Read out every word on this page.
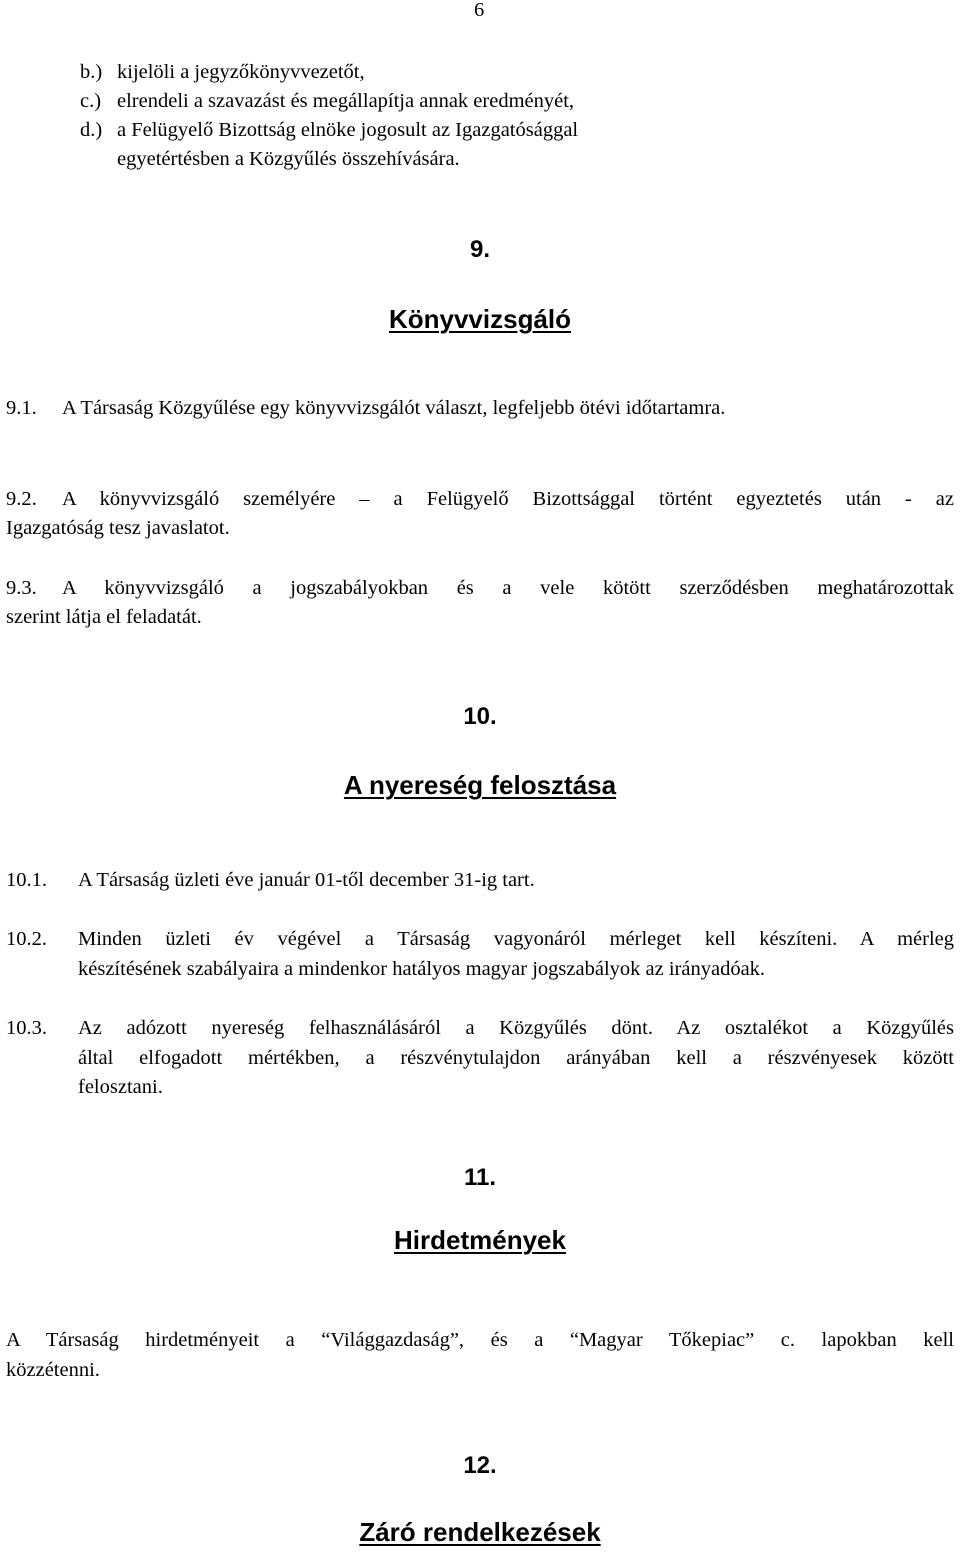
6
b.) kijelöli a jegyzőkönyvvezetőt,
c.) elrendeli a szavazást és megállapítja annak eredményét,
d.) a Felügyelő Bizottság elnöke jogosult az Igazgatósággal
egyetértésben a Közgyűlés összehívására.
9.
Könyvvizsgáló
9.1. A Társaság Közgyűlése egy könyvvizsgálót választ, legfeljebb ötévi időtartamra.
9.2. A könyvvizsgáló személyére – a Felügyelő Bizottsággal történt egyeztetés után - az
Igazgatóság tesz javaslatot.
9.3. A könyvvizsgáló a jogszabályokban és a vele kötött szerződésben meghatározottak
szerint látja el feladatát.
10.
A nyereség felosztása
10.1. A Társaság üzleti éve január 01-től december 31-ig tart.
10.2. Minden üzleti év végével a Társaság vagyonáról mérleget kell készíteni. A mérleg
készítésének szabályaira a mindenkor hatályos magyar jogszabályok az irányadóak.
10.3. Az adózott nyereség felhasználásáról a Közgyűlés dönt. Az osztalékot a Közgyűlés
által elfogadott mértékben, a részvénytulajdon arányában kell a részvényesek között
felosztani.
11.
Hirdetmények
A Társaság hirdetményeit a “Világgazdaság”, és a “Magyar Tőkepiac” c. lapokban kell
közzétenni.
12.
Záró rendelkezések
